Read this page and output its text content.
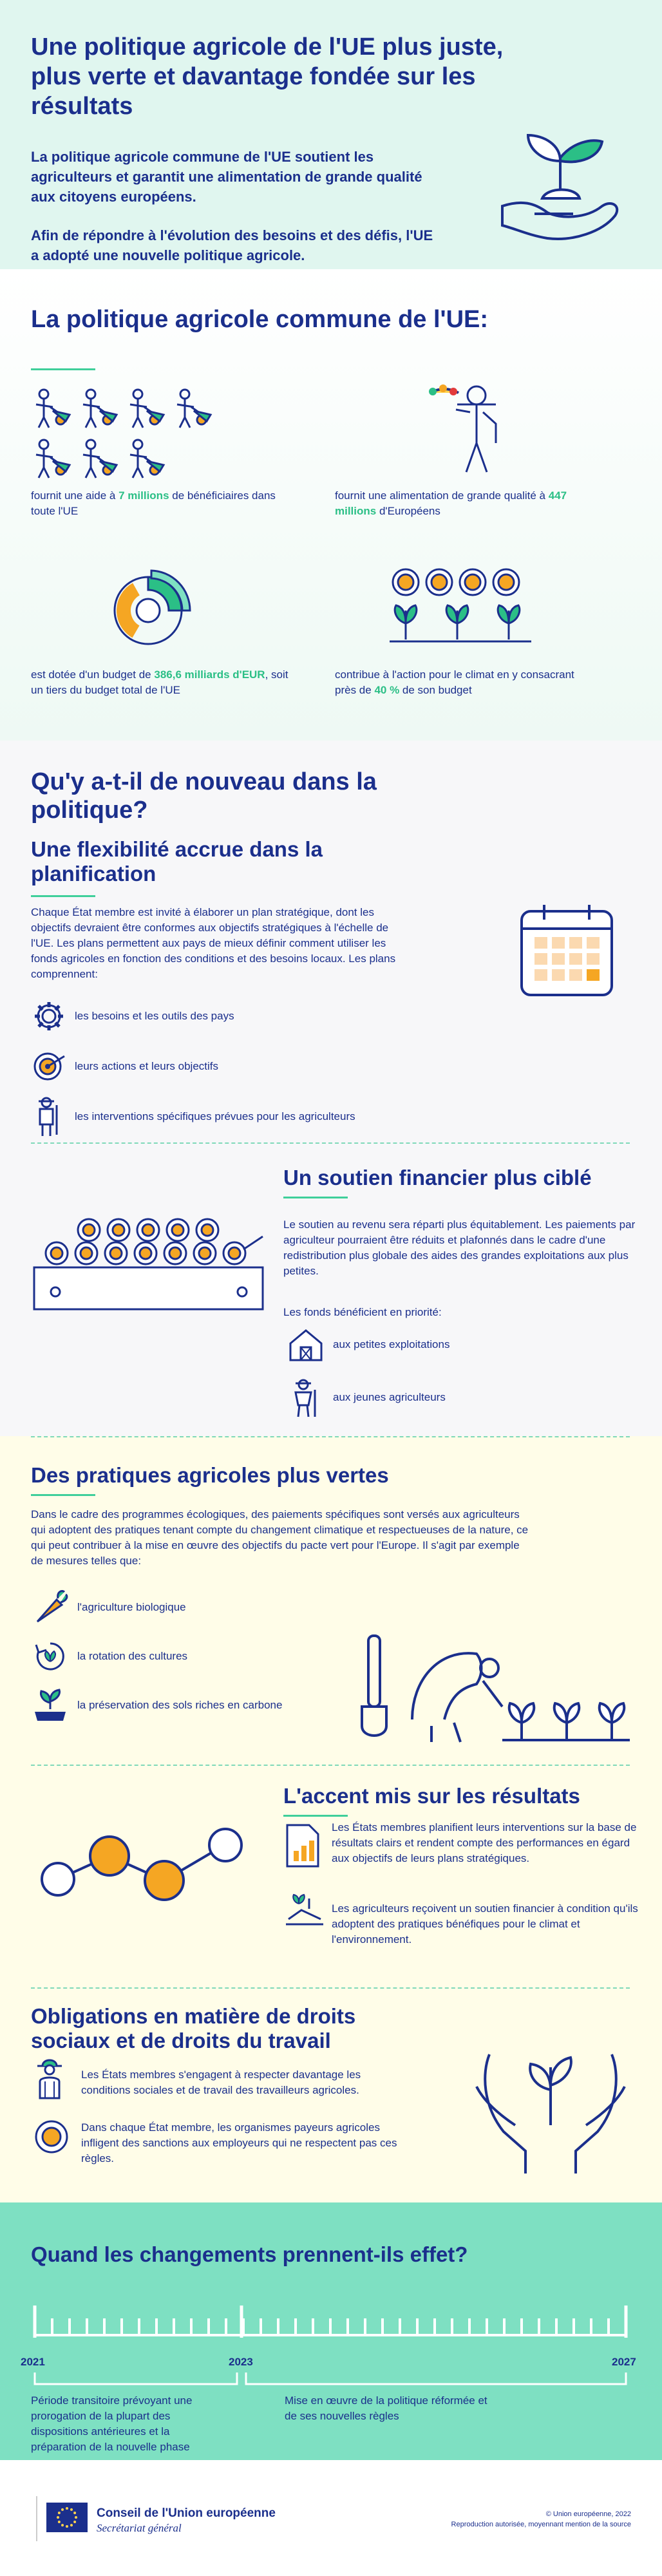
Une politique agricole de l'UE plus juste, plus verte et davantage fondée sur les résultats
La politique agricole commune de l'UE soutient les agriculteurs et garantit une alimentation de grande qualité aux citoyens européens.
Afin de répondre à l'évolution des besoins et des défis, l'UE a adopté une nouvelle politique agricole.
La politique agricole commune de l'UE:
fournit une aide à 7 millions de bénéficiaires dans toute l'UE
fournit une alimentation de grande qualité à 447 millions d'Européens
est dotée d'un budget de 386,6 milliards d'EUR, soit un tiers du budget total de l'UE
contribue à l'action pour le climat en y consacrant près de 40 % de son budget
Qu'y a-t-il de nouveau dans la politique?
Une flexibilité accrue dans la planification
Chaque État membre est invité à élaborer un plan stratégique, dont les objectifs devraient être conformes aux objectifs stratégiques à l'échelle de l'UE. Les plans permettent aux pays de mieux définir comment utiliser les fonds agricoles en fonction des conditions et des besoins locaux. Les plans comprennent:
les besoins et les outils des pays
leurs actions et leurs objectifs
les interventions spécifiques prévues pour les agriculteurs
Un soutien financier plus ciblé
Le soutien au revenu sera réparti plus équitablement. Les paiements par agriculteur pourraient être réduits et plafonnés dans le cadre d'une redistribution plus globale des aides des grandes exploitations aux plus petites.
Les fonds bénéficient en priorité:
aux petites exploitations
aux jeunes agriculteurs
Des pratiques agricoles plus vertes
Dans le cadre des programmes écologiques, des paiements spécifiques sont versés aux agriculteurs qui adoptent des pratiques tenant compte du changement climatique et respectueuses de la nature, ce qui peut contribuer à la mise en œuvre des objectifs du pacte vert pour l'Europe. Il s'agit par exemple de mesures telles que:
l'agriculture biologique
la rotation des cultures
la préservation des sols riches en carbone
L'accent mis sur les résultats
Les États membres planifient leurs interventions sur la base de résultats clairs et rendent compte des performances en égard aux objectifs de leurs plans stratégiques.
Les agriculteurs reçoivent un soutien financier à condition qu'ils adoptent des pratiques bénéfiques pour le climat et l'environnement.
Obligations en matière de droits sociaux et de droits du travail
Les États membres s'engagent à respecter davantage les conditions sociales et de travail des travailleurs agricoles.
Dans chaque État membre, les organismes payeurs agricoles infligent des sanctions aux employeurs qui ne respectent pas ces règles.
Quand les changements prennent-ils effet?
2021	2023	2027
Période transitoire prévoyant une prorogation de la plupart des dispositions antérieures et la préparation de la nouvelle phase
Mise en œuvre de la politique réformée et de ses nouvelles règles
Conseil de l'Union européenne
Secrétariat général
© Union européenne, 2022
Reproduction autorisée, moyennant mention de la source
